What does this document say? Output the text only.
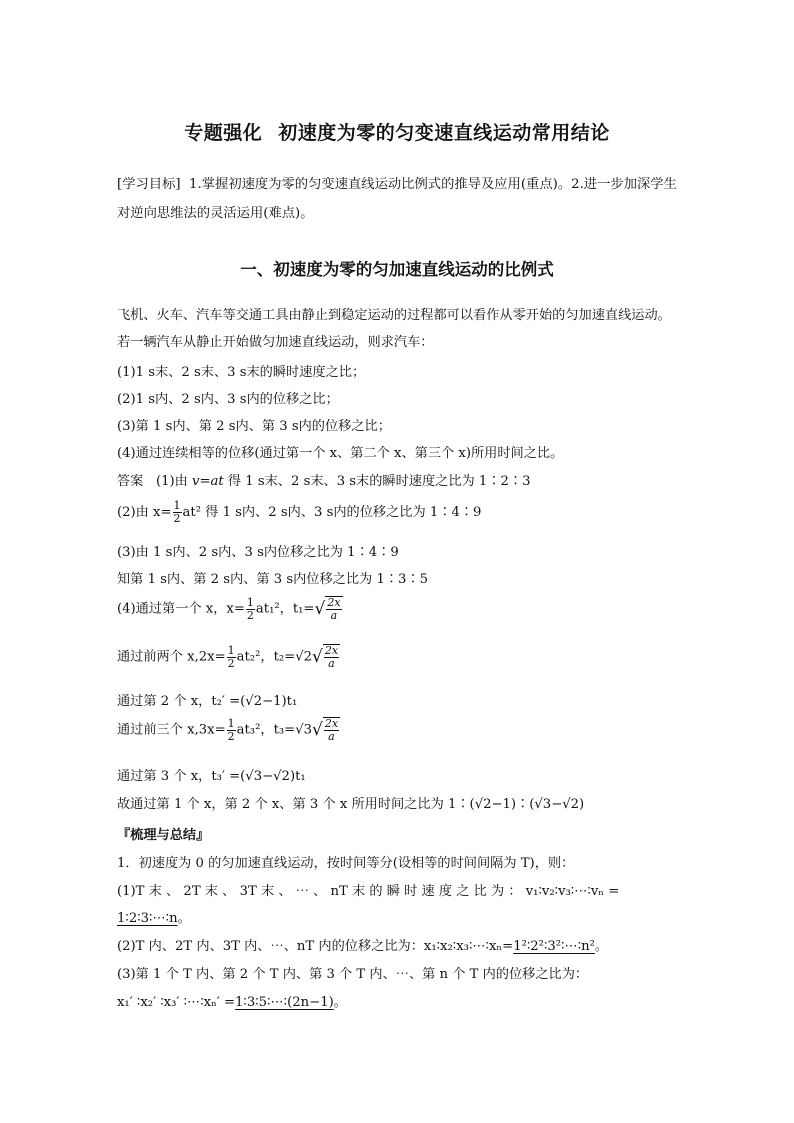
专题强化 初速度为零的匀变速直线运动常用结论
[学习目标] 1.掌握初速度为零的匀变速直线运动比例式的推导及应用(重点)。2.进一步加深学生对逆向思维法的灵活运用(难点)。
一、初速度为零的匀加速直线运动的比例式
飞机、火车、汽车等交通工具由静止到稳定运动的过程都可以看作从零开始的匀加速直线运动。若一辆汽车从静止开始做匀加速直线运动，则求汽车：
(1)1 s末、2 s末、3 s末的瞬时速度之比；
(2)1 s内、2 s内、3 s内的位移之比；
(3)第 1 s内、第 2 s内、第 3 s内的位移之比；
(4)通过连续相等的位移(通过第一个 x、第二个 x、第三个 x)所用时间之比。
答案 (1)由 v=at 得 1 s末、2 s末、3 s末的瞬时速度之比为 1∶2∶3
(2)由 $x= \frac{1}{2} at^2$ 得 1 s内、2 s内、3 s内的位移之比为 1∶4∶9
(3)由 1 s内、2 s内、3 s内位移之比为 1∶4∶9
知第 1 s内、第 2 s内、第 3 s内位移之比为 1∶3∶5
(4)通过第一个 x，$x= \frac{1}{2} at_1^2$，$t_1=√ \frac{2x}{a}$
通过前两个 $x,2x= \frac{1}{2} at_2^2$，$t_2=√2√ \frac{2x}{a}$
通过第 2 个 x，t₂′ =(√2−1)t₁
通过前三个 $x,3x= \frac{1}{2} at_3^2$，$t_3=√3√ \frac{2x}{a}$
通过第 3 个 x，t₃′ =(√3−√2)t₁
故通过第 1 个 x，第 2 个 x、第 3 个 x 所用时间之比为 1∶(√2−1)∶(√3−√2)
『梳理与总结』
1．初速度为 0 的匀加速直线运动，按时间等分(设相等的时间间隔为 T)，则：
(1)T 末 、 2T 末 、 3T 末 、 ⋯ 、 nT 末 的 瞬 时 速 度 之 比 为 ： v₁∶v₂∶v₃∶⋯∶vₙ =
1∶2∶3∶⋯∶n。
(2)T 内、2T 内、3T 内、⋯、nT 内的位移之比为：x₁∶x₂∶x₃∶⋯∶xₙ=1²∶2²∶3²∶⋯∶n²。
(3)第 1 个 T 内、第 2 个 T 内、第 3 个 T 内、⋯、第 n 个 T 内的位移之比为：
x₁′ ∶x₂′ ∶x₃′ ∶⋯∶xₙ′ =1∶3∶5∶⋯∶(2n−1)。
